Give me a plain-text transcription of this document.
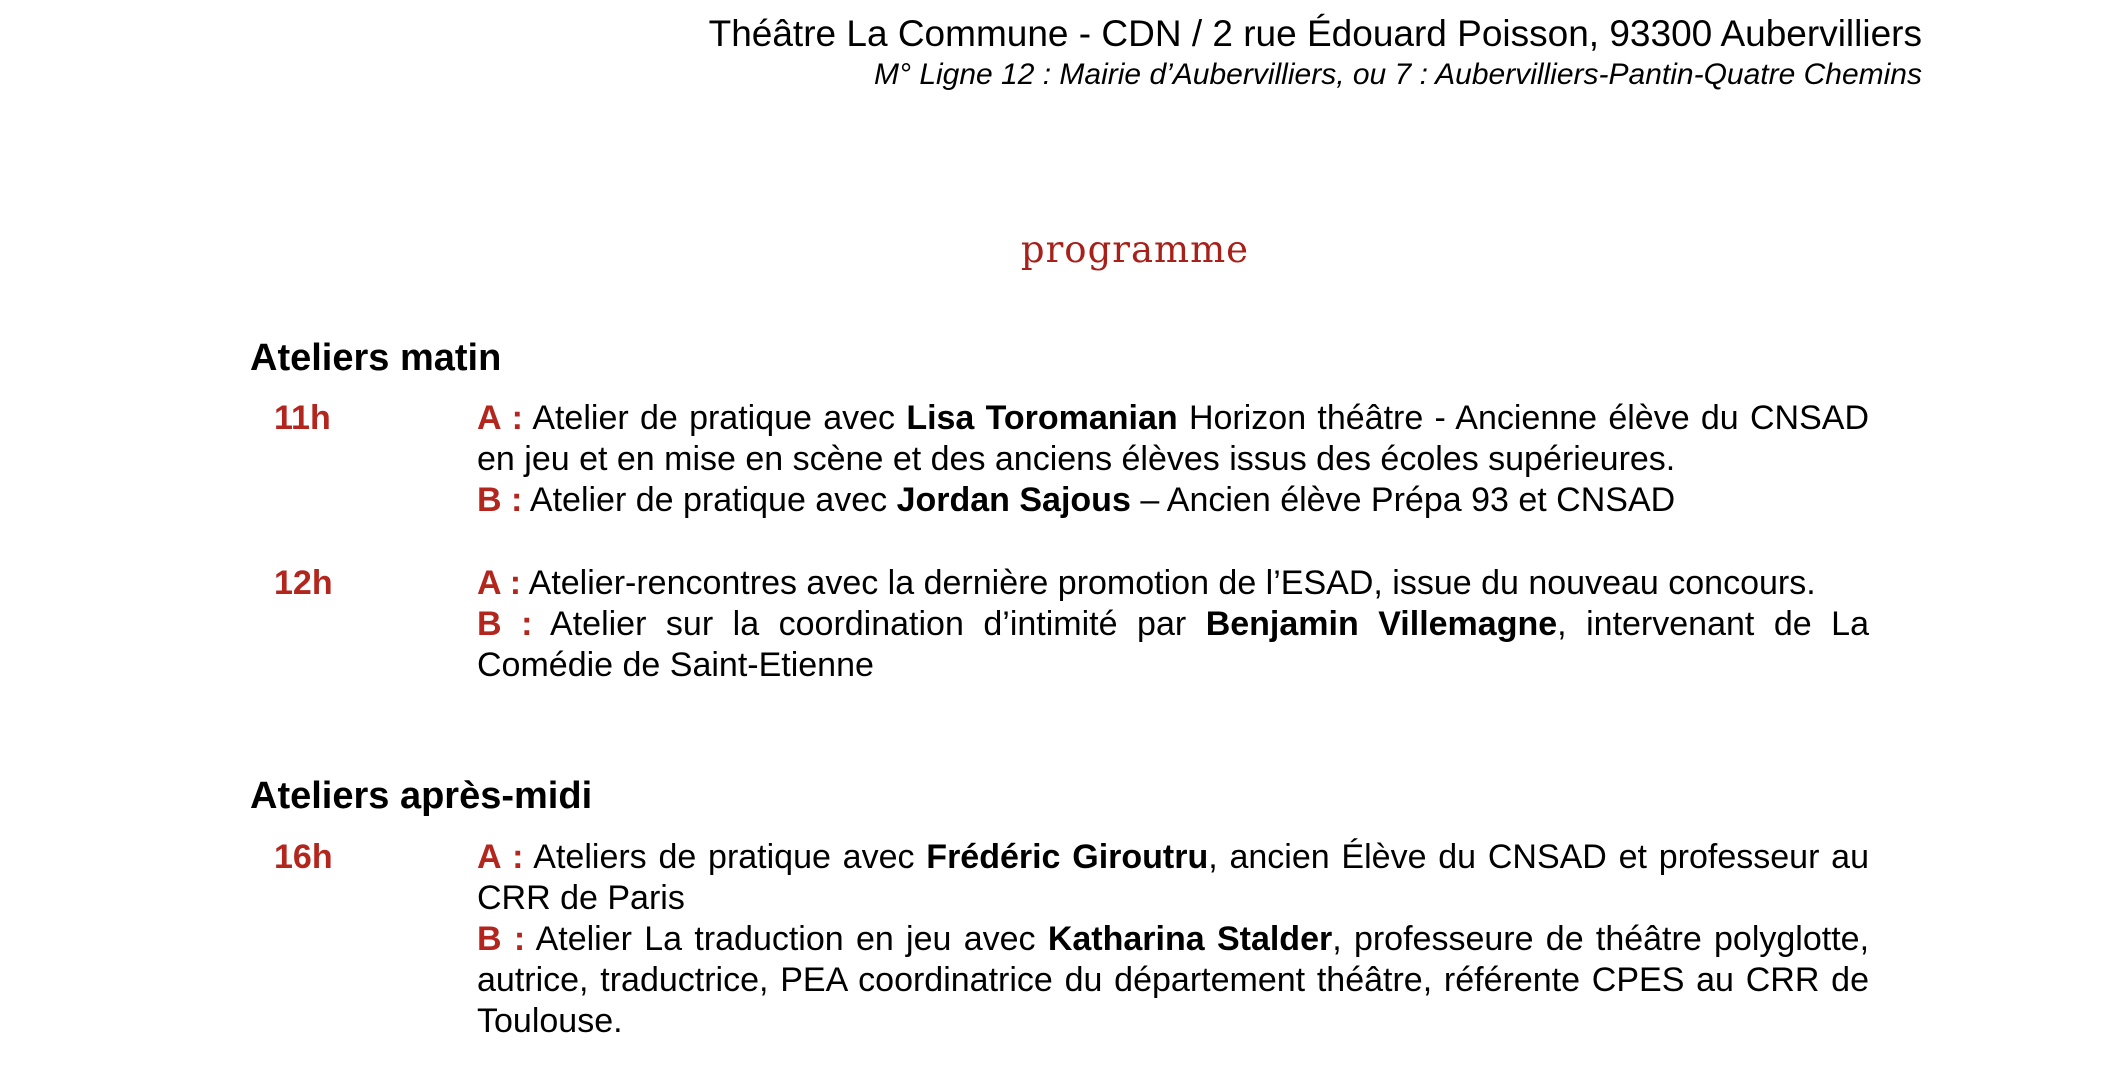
Théâtre La Commune - CDN / 2 rue Édouard Poisson, 93300 Aubervilliers
M° Ligne 12 : Mairie d’Aubervilliers, ou 7 : Aubervilliers-Pantin-Quatre Chemins
programme
Ateliers matin
11h	A : Atelier de pratique avec Lisa Toromanian Horizon théâtre - Ancienne élève du CNSAD en jeu et en mise en scène et des anciens élèves issus des écoles supérieures.

B : Atelier de pratique avec Jordan Sajous – Ancien élève Prépa 93 et CNSAD

12h	A : Atelier-rencontres avec la dernière promotion de l’ESAD, issue du nouveau concours.

B : Atelier sur la coordination d’intimité par Benjamin Villemagne, intervenant de La Comédie de Saint-Etienne

Ateliers après-midi
16h	A : Ateliers de pratique avec Frédéric Giroutru, ancien Élève du CNSAD et professeur au CRR de Paris

B : Atelier La traduction en jeu avec Katharina Stalder, professeure de théâtre polyglotte, autrice, traductrice, PEA coordinatrice du département théâtre, référente CPES au CRR de Toulouse.
